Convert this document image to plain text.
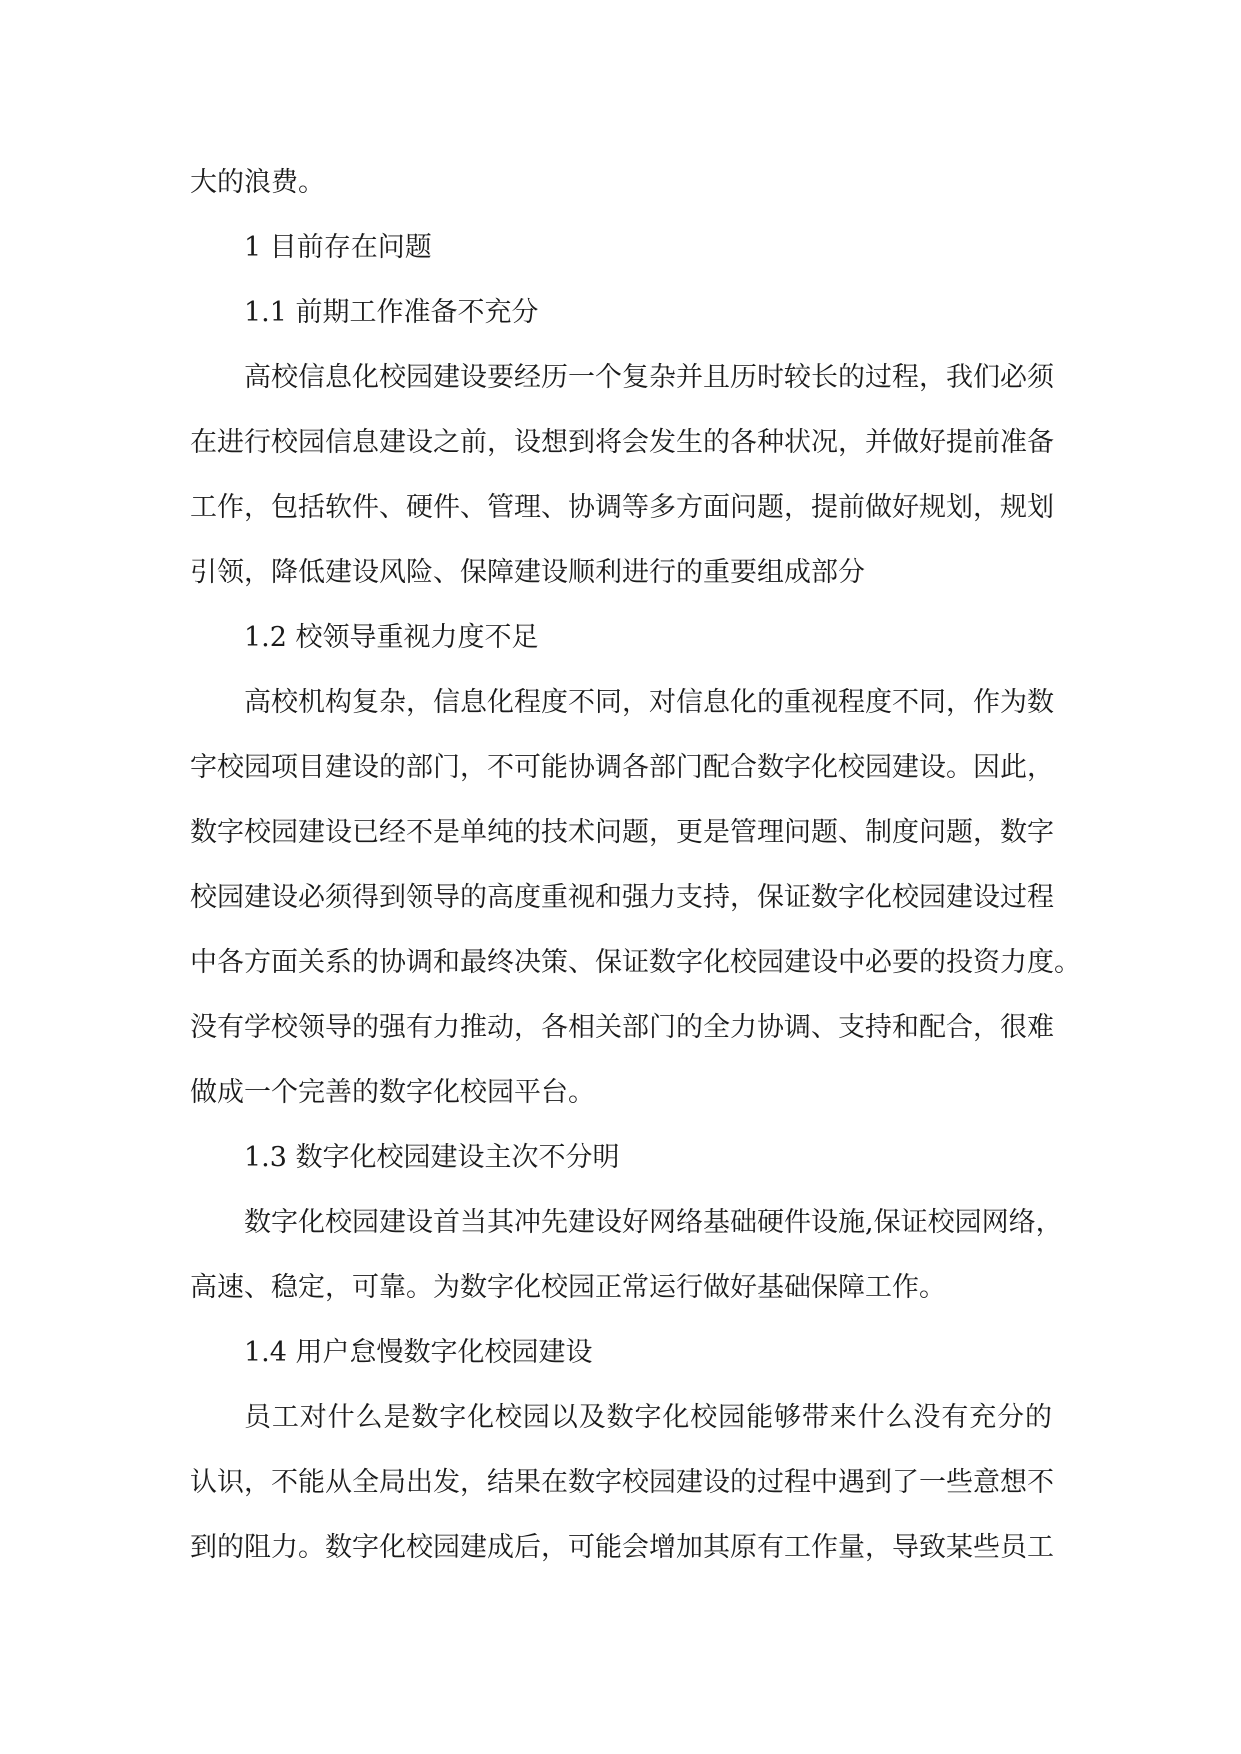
大的浪费。
1 目前存在问题
1.1 前期工作准备不充分
高校信息化校园建设要经历一个复杂并且历时较长的过程，我们必须
在进行校园信息建设之前，设想到将会发生的各种状况，并做好提前准备
工作，包括软件、硬件、管理、协调等多方面问题，提前做好规划，规划
引领，降低建设风险、保障建设顺利进行的重要组成部分
1.2 校领导重视力度不足
高校机构复杂，信息化程度不同，对信息化的重视程度不同，作为数
字校园项目建设的部门，不可能协调各部门配合数字化校园建设。因此，
数字校园建设已经不是单纯的技术问题，更是管理问题、制度问题，数字
校园建设必须得到领导的高度重视和强力支持，保证数字化校园建设过程
中各方面关系的协调和最终决策、保证数字化校园建设中必要的投资力度。
没有学校领导的强有力推动，各相关部门的全力协调、支持和配合，很难
做成一个完善的数字化校园平台。
1.3 数字化校园建设主次不分明
数字化校园建设首当其冲先建设好网络基础硬件设施,保证校园网络，
高速、稳定，可靠。为数字化校园正常运行做好基础保障工作。
1.4 用户怠慢数字化校园建设
员工对什么是数字化校园以及数字化校园能够带来什么没有充分的
认识，不能从全局出发，结果在数字校园建设的过程中遇到了一些意想不
到的阻力。数字化校园建成后，可能会增加其原有工作量，导致某些员工
